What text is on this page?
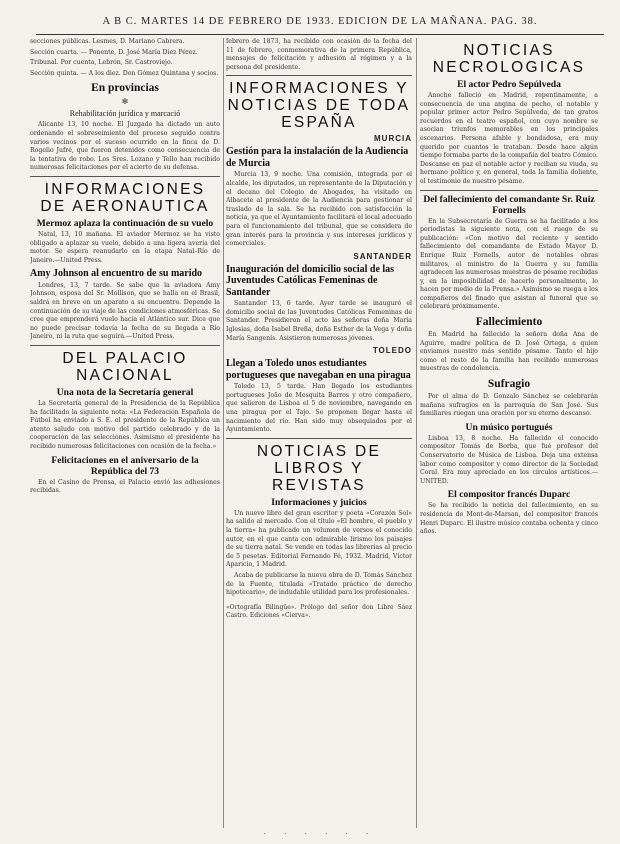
A B C. MARTES 14 DE FEBRERO DE 1933. EDICION DE LA MAÑANA. PAG. 38.

secciones públicas. Lesmes, D. Mariano Cabrera.

Sección cuarta. — Ponente, D. José María Díez Pérez.

Tribunal. Por cuenta, Lebrón, Sr. Castroviejo.

Sección quinta. — A los diez. Don Gómez Quintana y socios.

En provincias
✻
Rehabilitación jurídica y marcació

Alicante 13, 10 noche. El Juzgado ha dictado un auto ordenando el sobreseimiento del proceso seguido contra varios vecinos por el suceso ocurrido en la finca de D. Rogelio Jufré, que fueron detenidos como consecuencia de la tentativa de robo. Los Sres. Lozano y Tello han recibido numerosas felicitaciones por el acierto de su defensa.

INFORMACIONES DE AERONAUTICA
Mermoz aplaza la continuación de su vuelo

Natal, 13, 10 mañana. El aviador Mermoz se ha visto obligado a aplazar su vuelo, debido a una ligera avería del motor. Se espera reanudarlo en la etapa Natal–Río de Janeiro.—United Press.

Amy Johnson al encuentro de su marido

Londres, 13, 7 tarde. Se sabe que la aviadora Amy Johnson, esposa del Sr. Mollison, que se halla en el Brasil, saldrá en breve en un aparato a su encuentro. Depende la continuación de su viaje de las condiciones atmosféricas. Se cree que emprenderá vuelo hacia el Atlántico sur. Dice que no puede precisar todavía la fecha de su llegada a Río Janeiro, ni la ruta que seguirá.—United Press.

DEL PALACIO NACIONAL
Una nota de la Secretaría general

La Secretaría general de la Presidencia de la República ha facilitado la siguiente nota: «La Federación Española de Fútbol ha enviado a S. E. el presidente de la República un atento saludo con motivo del partido celebrado y de la cooperación de las selecciones. Asimismo el presidente ha recibido numerosas felicitaciones con ocasión de la fecha.»

Felicitaciones en el aniversario de la República del 73

En el Casino de Prensa, el Palacio envió las adhesiones recibidas.

febrero de 1873, ha recibido con ocasión de la fecha del 11 de febrero, conmemorativa de la primera República, mensajes de felicitación y adhesión al régimen y a la persona del presidente.

INFORMACIONES Y NOTICIAS DE TODA ESPAÑA
MURCIA
Gestión para la instalación de la Audiencia de Murcia

Murcia 13, 9 noche. Una comisión, integrada por el alcalde, los diputados, un representante de la Diputación y el decano del Colegio de Abogados, ha visitado en Albacete al presidente de la Audiencia para gestionar el traslado de la sala. Se ha recibido con satisfacción la noticia, ya que el Ayuntamiento facilitará el local adecuado para el funcionamiento del tribunal, que se considera de gran interés para la provincia y sus intereses jurídicos y comerciales.

SANTANDER
Inauguración del domicilio social de las Juventudes Católicas Femeninas de Santander

Santander 13, 6 tarde. Ayer tarde se inauguró el domicilio social de las Juventudes Católicas Femeninas de Santander. Presidieron el acto las señoras doña María Iglesias, doña Isabel Breña, doña Esther de la Vega y doña María Sangenís. Asistieron numerosas jóvenes.

TOLEDO
Llegan a Toledo unos estudiantes portugueses que navegaban en una piragua

Toledo 13, 5 tarde. Han llegado los estudiantes portugueses João de Mesquita Barros y otro compañero, que salieron de Lisboa el 5 de noviembre, navegando en una piragua por el Tajo. Se proponen llegar hasta el nacimiento del río. Han sido muy obsequiados por el Ayuntamiento.

NOTICIAS DE LIBROS Y REVISTAS
Informaciones y juicios

Un nuevo libro del gran escritor y poeta «Corazón Sol» ha salido al mercado. Con el título «El hombre, el pueblo y la tierra» ha publicado un volumen de versos el conocido autor, en el que canta con admirable lirismo los paisajes de su tierra natal. Se vende en todas las librerías al precio de 5 pesetas. Editorial Fernando Fé, 1932. Madrid, Víctor Aparicio, 1 Madrid.

Acaba de publicarse la nueva obra de D. Tomás Sánchez de la Fuente, titulada «Tratado práctico de derecho hipotecario», de indudable utilidad para los profesionales.

«Ortografía Bilingüe». Prólogo del señor don Libre Sáez Castro. Ediciones «Cierva».

NOTICIAS NECROLOGICAS
El actor Pedro Sepúlveda

Anoche falleció en Madrid, repentinamente, a consecuencia de una angina de pecho, el notable y popular primer actor Pedro Sepúlveda, de tan gratos recuerdos en el teatro español, con cuyo nombre se asocian triunfos memorables en los principales escenarios. Persona afable y bondadosa, era muy querido por cuantos le trataban. Desde hace algún tiempo formaba parte de la compañía del teatro Cómico. Descanse en paz el notable actor y reciban su viuda, su hermano político y, en general, toda la familia doliente, el testimonio de nuestro pésame.

Del fallecimiento del comandante Sr. Ruiz Fornells

En la Subsecretaría de Guerra se ha facilitado a los periodistas la siguiente nota, con el ruego de su publicación: «Con motivo del reciente y sentido fallecimiento del comandante de Estado Mayor D. Enrique Ruiz Fornells, autor de notables obras militares, el ministro de la Guerra y su familia agradecen las numerosas muestras de pésame recibidas y, en la imposibilidad de hacerlo personalmente, lo hacen por medio de la Prensa.» Asimismo se ruega a los compañeros del finado que asistan al funeral que se celebrará próximamente.

Fallecimiento

En Madrid ha fallecido la señora doña Ana de Aguirre, madre política de D. José Ortega, a quien enviamos nuestro más sentido pésame. Tanto el hijo como el resto de la familia han recibido numerosas muestras de condolencia.

Sufragio

Por el alma de D. Gonzalo Sánchez se celebrarán mañana sufragios en la parroquia de San José. Sus familiares ruegan una oración por su eterno descanso.

Un músico portugués

Lisboa 13, 8 noche. Ha fallecido el conocido compositor Tomás de Borba, que fué profesor del Conservatorio de Música de Lisboa. Deja una extensa labor como compositor y como director de la Sociedad Coral. Era muy apreciado en los círculos artísticos.—UNITED.

El compositor francés Duparc

Se ha recibido la noticia del fallecimiento, en su residencia de Mont-de-Marsan, del compositor francés Henri Duparc. El ilustre músico contaba ochenta y cinco años.

· · · · · ·
